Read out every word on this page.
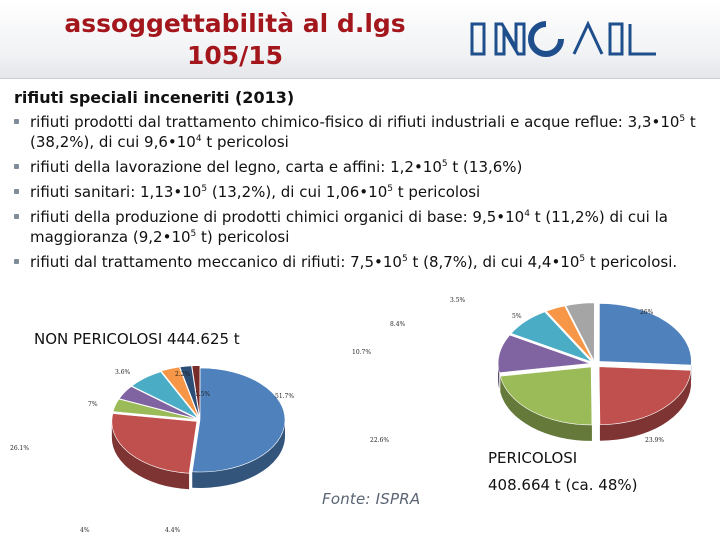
assoggettabilità al d.lgs
105/15
rifiuti speciali inceneriti (2013)
rifiuti prodotti dal trattamento chimico-fisico di rifiuti industriali e acque reflue: $3,3•10^5$ t (38,2%), di cui $9,6•10^4$ t pericolosi
rifiuti della lavorazione del legno, carta e affini: $1,2•10^5$ t (13,6%)
rifiuti sanitari: $1,13•10^5$ (13,2%), di cui $1,06•10^5$ t pericolosi
rifiuti della produzione di prodotti chimici organici di base: $9,5•10^4$ t (11,2%) di cui la maggioranza ($9,2•10^5$ t) pericolosi
rifiuti dal trattamento meccanico di rifiuti: $7,5•10^5$ t (8,7%), di cui $4,4•10^5$ t pericolosi.
51.7%
26.1%
4%	4.4%
7%
3.6%	2.2%
1.5%
26%
23.9%
22.6%
10.7%
8.4%
3.5%
5%
NON PERICOLOSI 444.625 t
PERICOLOSI
408.664 t (ca. 48%)
Fonte: ISPRA
